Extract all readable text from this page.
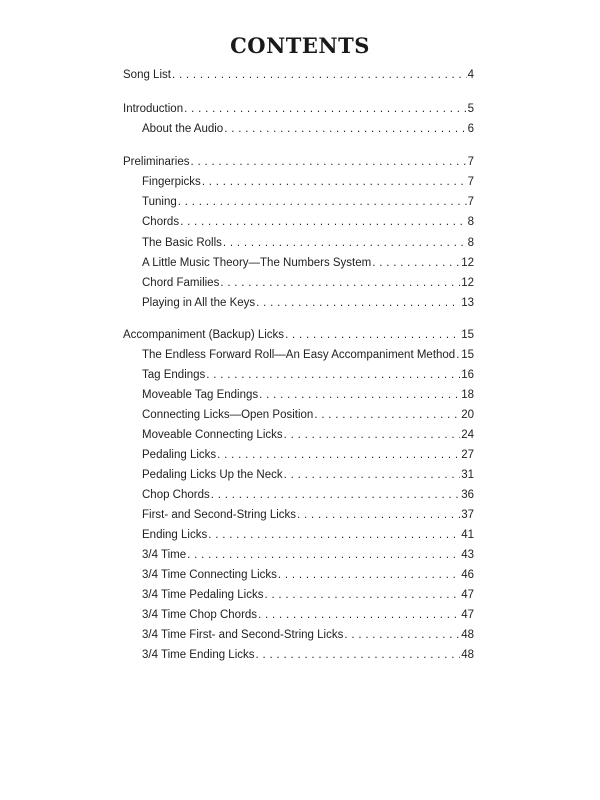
CONTENTS
Song List . . .	4
Introduction . . .	5
About the Audio . . .	6
Preliminaries . . .	7
Fingerpicks . . .	7
Tuning . . .	7
Chords . . .	8
The Basic Rolls . . .	8
A Little Music Theory—The Numbers System . . .	12
Chord Families . . .	12
Playing in All the Keys . . .	13
Accompaniment (Backup) Licks . . .	15
The Endless Forward Roll—An Easy Accompaniment Method . . . 15
Tag Endings . . .	16
Moveable Tag Endings . . .	18
Connecting Licks—Open Position . . .	20
Moveable Connecting Licks . . .	24
Pedaling Licks . . .	27
Pedaling Licks Up the Neck . . .	31
Chop Chords . . .	36
First- and Second-String Licks . . .	37
Ending Licks . . .	41
3/4 Time . . .	43
3/4 Time Connecting Licks . . .	46
3/4 Time Pedaling Licks . . .	47
3/4 Time Chop Chords . . .	47
3/4 Time First- and Second-String Licks . . .	48
3/4 Time Ending Licks . . .	48
